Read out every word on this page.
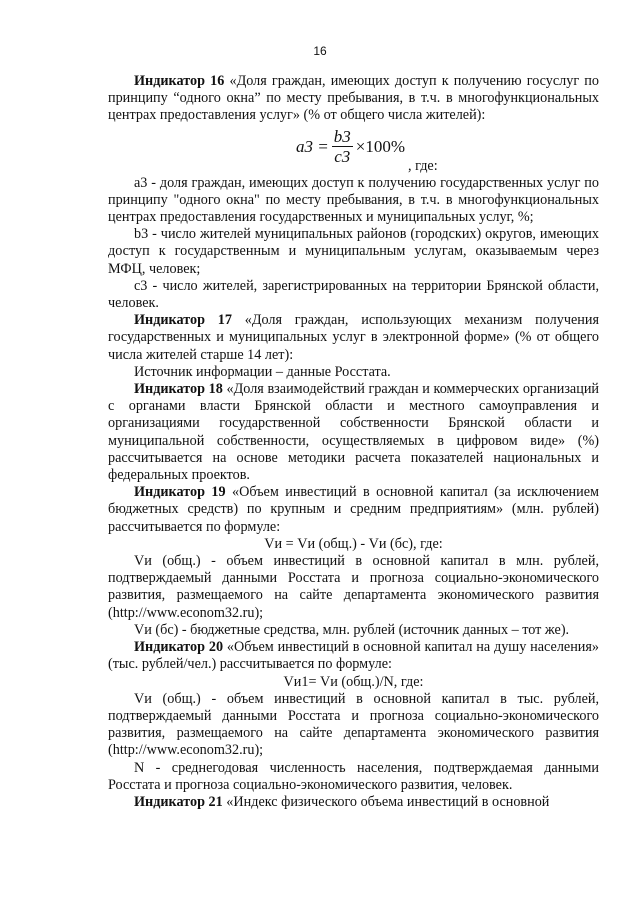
16

Индикатор 16 «Доля граждан, имеющих доступ к получению госуслуг по принципу “одного окна” по месту пребывания, в т.ч. в многофункциональных центрах предоставления услуг» (% от общего числа жителей):

$a3 = \frac{b3}{c3} \times 100\%$
, где:

а3 - доля граждан, имеющих доступ к получению государственных услуг по принципу "одного окна" по месту пребывания, в т.ч. в многофункциональных центрах предоставления государственных и муниципальных услуг, %;

b3 - число жителей муниципальных районов (городских) округов, имеющих доступ к государственным и муниципальным услугам, оказываемым через МФЦ, человек;

с3 - число жителей, зарегистрированных на территории Брянской области, человек.

Индикатор 17 «Доля граждан, использующих механизм получения государственных и муниципальных услуг в электронной форме» (% от общего числа жителей старше 14 лет):

Источник информации – данные Росстата.

Индикатор 18 «Доля взаимодействий граждан и коммерческих организаций с органами власти Брянской области и местного самоуправления и организациями государственной собственности Брянской области и муниципальной собственности, осуществляемых в цифровом виде» (%) рассчитывается на основе методики расчета показателей национальных и федеральных проектов.

Индикатор 19 «Объем инвестиций в основной капитал (за исключением бюджетных средств) по крупным и средним предприятиям» (млн. рублей) рассчитывается по формуле:

Vи = Vи (общ.) - Vи (бс), где:

Vи (общ.) - объем инвестиций в основной капитал в млн. рублей, подтверждаемый данными Росстата и прогноза социально-экономического развития, размещаемого на сайте департамента экономического развития (http://www.econom32.ru);

Vи (бс) - бюджетные средства, млн. рублей (источник данных – тот же).

Индикатор 20 «Объем инвестиций в основной капитал на душу населения» (тыс. рублей/чел.) рассчитывается по формуле:

Vи1= Vи (общ.)/N, где:

Vи (общ.) - объем инвестиций в основной капитал в тыс. рублей, подтверждаемый данными Росстата и прогноза социально-экономического развития, размещаемого на сайте департамента экономического развития (http://www.econom32.ru);

N - среднегодовая численность населения, подтверждаемая данными Росстата и прогноза социально-экономического развития, человек.

Индикатор 21 «Индекс физического объема инвестиций в основной
